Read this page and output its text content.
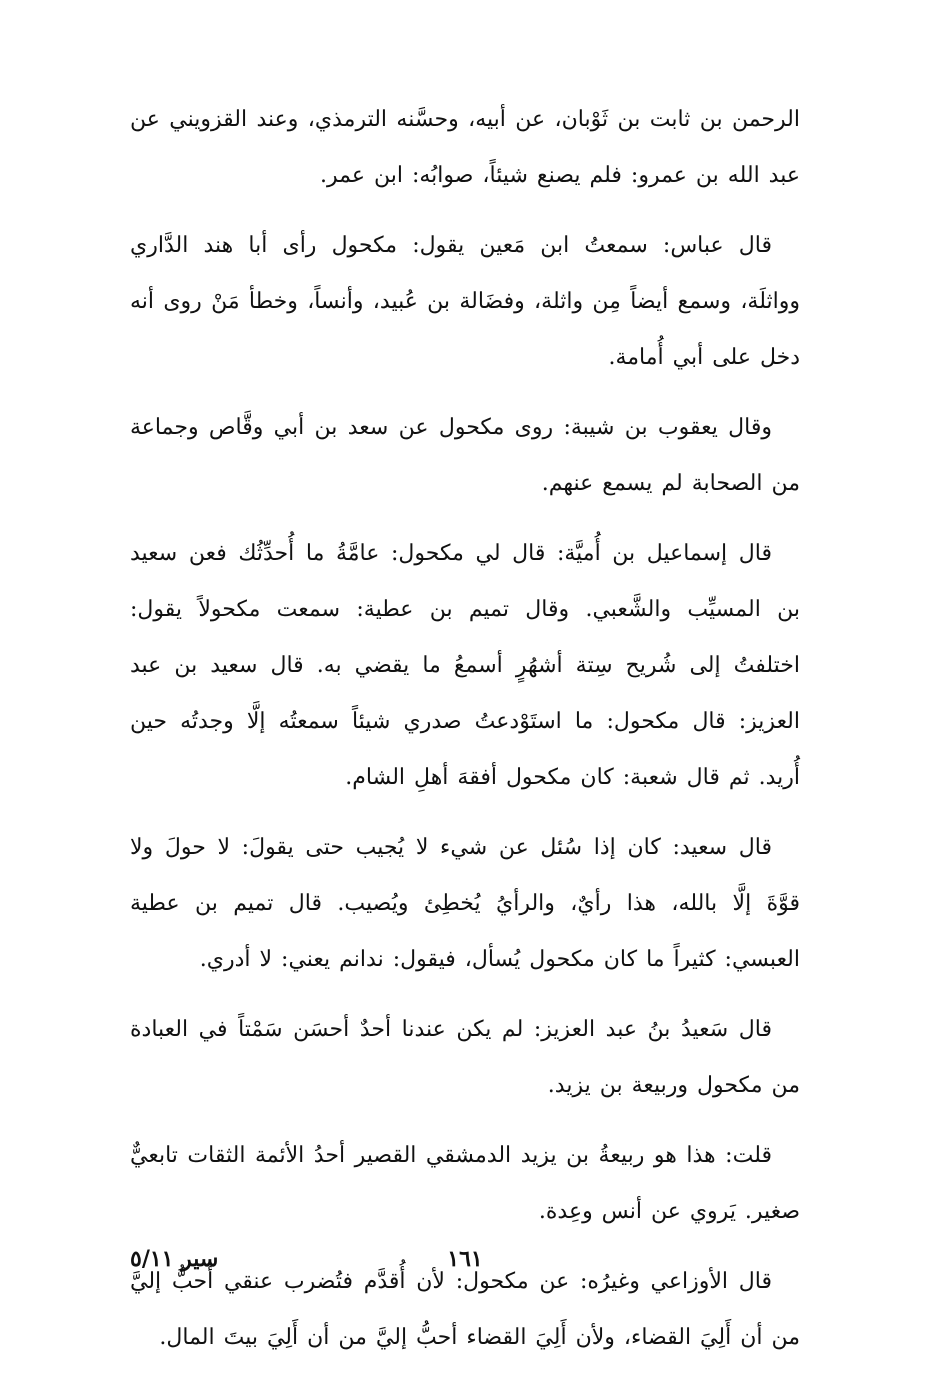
الرحمن بن ثابت بن ثَوْبان، عن أبيه، وحسَّنه الترمذي، وعند القزويني عن عبد الله بن عمرو: فلم يصنع شيئاً، صوابُه: ابن عمر.

قال عباس: سمعتُ ابن مَعين يقول: مكحول رأى أبا هند الدَّاري وواثلَة، وسمع أيضاً مِن واثلة، وفضَالة بن عُبيد، وأنساً، وخطأ مَنْ روى أنه دخل على أبي أُمامة.

وقال يعقوب بن شيبة: روى مكحول عن سعد بن أبي وقَّاص وجماعة من الصحابة لم يسمع عنهم.

قال إسماعيل بن أُميَّة: قال لي مكحول: عامَّةُ ما أُحدِّثُك فعن سعيد بن المسيِّب والشَّعبي. وقال تميم بن عطية: سمعت مكحولاً يقول: اختلفتُ إلى شُريح سِتة أشهُرٍ أسمعُ ما يقضي به. قال سعيد بن عبد العزيز: قال مكحول: ما استَوْدعتُ صدري شيئاً سمعتُه إلَّا وجدتُه حين أُريد. ثم قال شعبة: كان مكحول أفقهَ أهلِ الشام.

قال سعيد: كان إذا سُئل عن شيء لا يُجيب حتى يقولَ: لا حولَ ولا قوَّةَ إلَّا بالله، هذا رأيٌ، والرأيُ يُخطِئ ويُصيب. قال تميم بن عطية العبسي: كثيراً ما كان مكحول يُسأل، فيقول: ندانم يعني: لا أدري.

قال سَعيدُ بنُ عبد العزيز: لم يكن عندنا أحدٌ أحسَن سَمْتاً في العبادة من مكحول وربيعة بن يزيد.

قلت: هذا هو ربيعةُ بن يزيد الدمشقي القصير أحدُ الأئمة الثقات تابعيٌّ صغير. يَروي عن أنس وعِدة.

قال الأوزاعي وغيرُه: عن مكحول: لأن أُقدَّم فتُضرب عنقي أحبُّ إليَّ من أن أَلِيَ القضاء، ولأن أَلِيَ القضاء أحبُّ إليَّ من أن أَلِيَ بيتَ المال.

١٦١
سير ٥/١١
